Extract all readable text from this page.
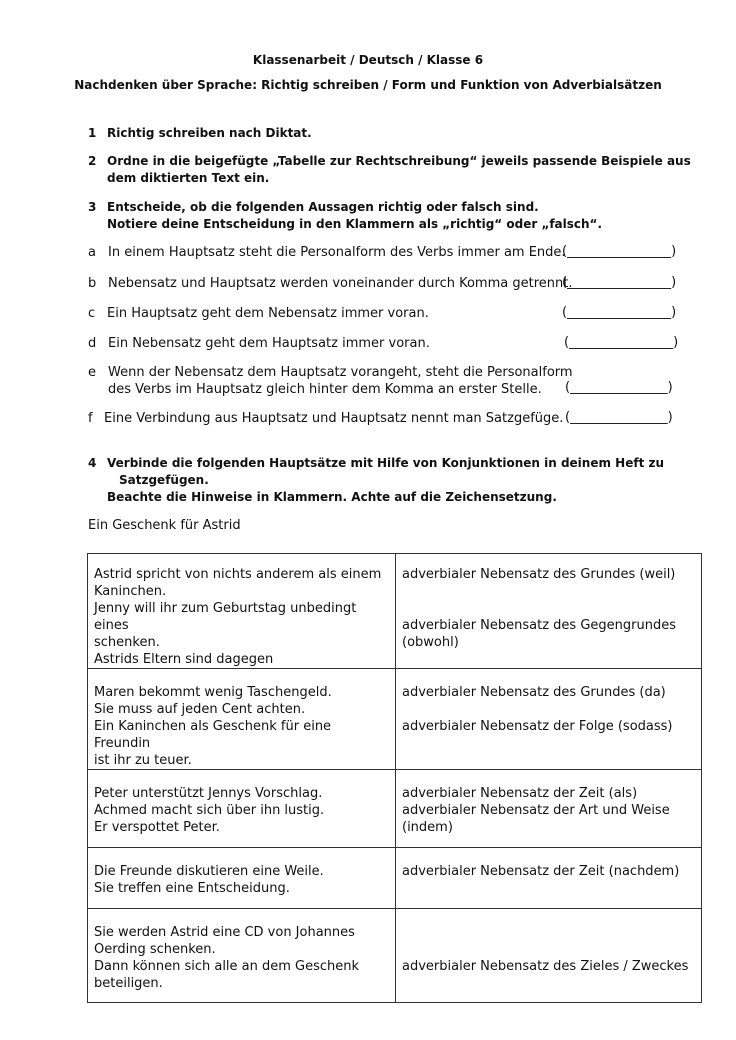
Klassenarbeit / Deutsch / Klasse 6
Nachdenken über Sprache: Richtig schreiben / Form und Funktion von Adverbialsätzen
1 Richtig schreiben nach Diktat.
2 Ordne in die beigefügte „Tabelle zur Rechtschreibung“ jeweils passende Beispiele aus
dem diktierten Text ein.
3 Entscheide, ob die folgenden Aussagen richtig oder falsch sind.
Notiere deine Entscheidung in den Klammern als „richtig“ oder „falsch“.
a In einem Hauptsatz steht die Personalform des Verbs immer am Ende.
(________________)
b Nebensatz und Hauptsatz werden voneinander durch Komma getrennt.
(________________)
c Ein Hauptsatz geht dem Nebensatz immer voran.	(________________)
d Ein Nebensatz geht dem Hauptsatz immer voran.	(________________)
e Wenn der Nebensatz dem Hauptsatz vorangeht, steht die Personalform
des Verbs im Hauptsatz gleich hinter dem Komma an erster Stelle.	(_______________)
f Eine Verbindung aus Hauptsatz und Hauptsatz nennt man Satzgefüge. (_______________)
4 Verbinde die folgenden Hauptsätze mit Hilfe von Konjunktionen in deinem Heft zu
Satzgefügen.
Beachte die Hinweise in Klammern. Achte auf die Zeichensetzung.
Ein Geschenk für Astrid
Astrid spricht von nichts anderem als einem
Kaninchen.
Jenny will ihr zum Geburtstag unbedingt eines
schenken.
Astrids Eltern sind dagegen	adverbialer Nebensatz des Grundes (weil)
adverbialer Nebensatz des Gegengrundes
(obwohl)

Maren bekommt wenig Taschengeld.
Sie muss auf jeden Cent achten.
Ein Kaninchen als Geschenk für eine Freundin
ist ihr zu teuer.	adverbialer Nebensatz des Grundes (da)
adverbialer Nebensatz der Folge (sodass)

Peter unterstützt Jennys Vorschlag.
Achmed macht sich über ihn lustig.
Er verspottet Peter.	adverbialer Nebensatz der Zeit (als)
adverbialer Nebensatz der Art und Weise
(indem)

Die Freunde diskutieren eine Weile.
Sie treffen eine Entscheidung.	adverbialer Nebensatz der Zeit (nachdem)

Sie werden Astrid eine CD von Johannes
Oerding schenken.
Dann können sich alle an dem Geschenk
beteiligen.	adverbialer Nebensatz des Zieles / Zweckes
